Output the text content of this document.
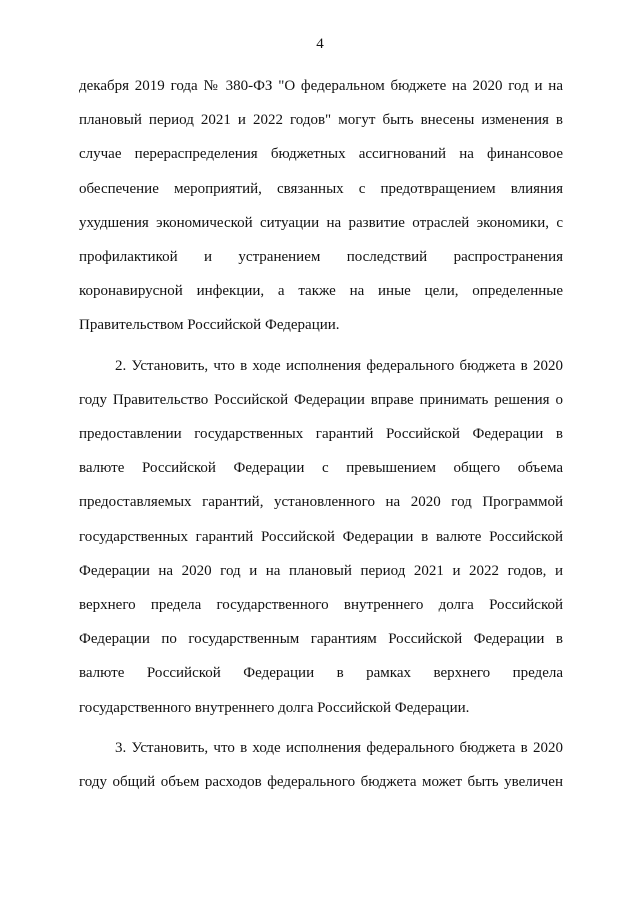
4
декабря 2019 года № 380-ФЗ "О федеральном бюджете на 2020 год и на
плановый период 2021 и 2022 годов" могут быть внесены изменения в
случае перераспределения бюджетных ассигнований на финансовое
обеспечение мероприятий, связанных с предотвращением влияния
ухудшения экономической ситуации на развитие отраслей экономики, с
профилактикой и устранением последствий распространения
коронавирусной инфекции, а также на иные цели, определенные
Правительством Российской Федерации.
2. Установить, что в ходе исполнения федерального бюджета в 2020
году Правительство Российской Федерации вправе принимать решения о
предоставлении государственных гарантий Российской Федерации в
валюте Российской Федерации с превышением общего объема
предоставляемых гарантий, установленного на 2020 год Программой
государственных гарантий Российской Федерации в валюте Российской
Федерации на 2020 год и на плановый период 2021 и 2022 годов, и
верхнего предела государственного внутреннего долга Российской
Федерации по государственным гарантиям Российской Федерации в
валюте Российской Федерации в рамках верхнего предела
государственного внутреннего долга Российской Федерации.
3. Установить, что в ходе исполнения федерального бюджета в 2020
году общий объем расходов федерального бюджета может быть увеличен
